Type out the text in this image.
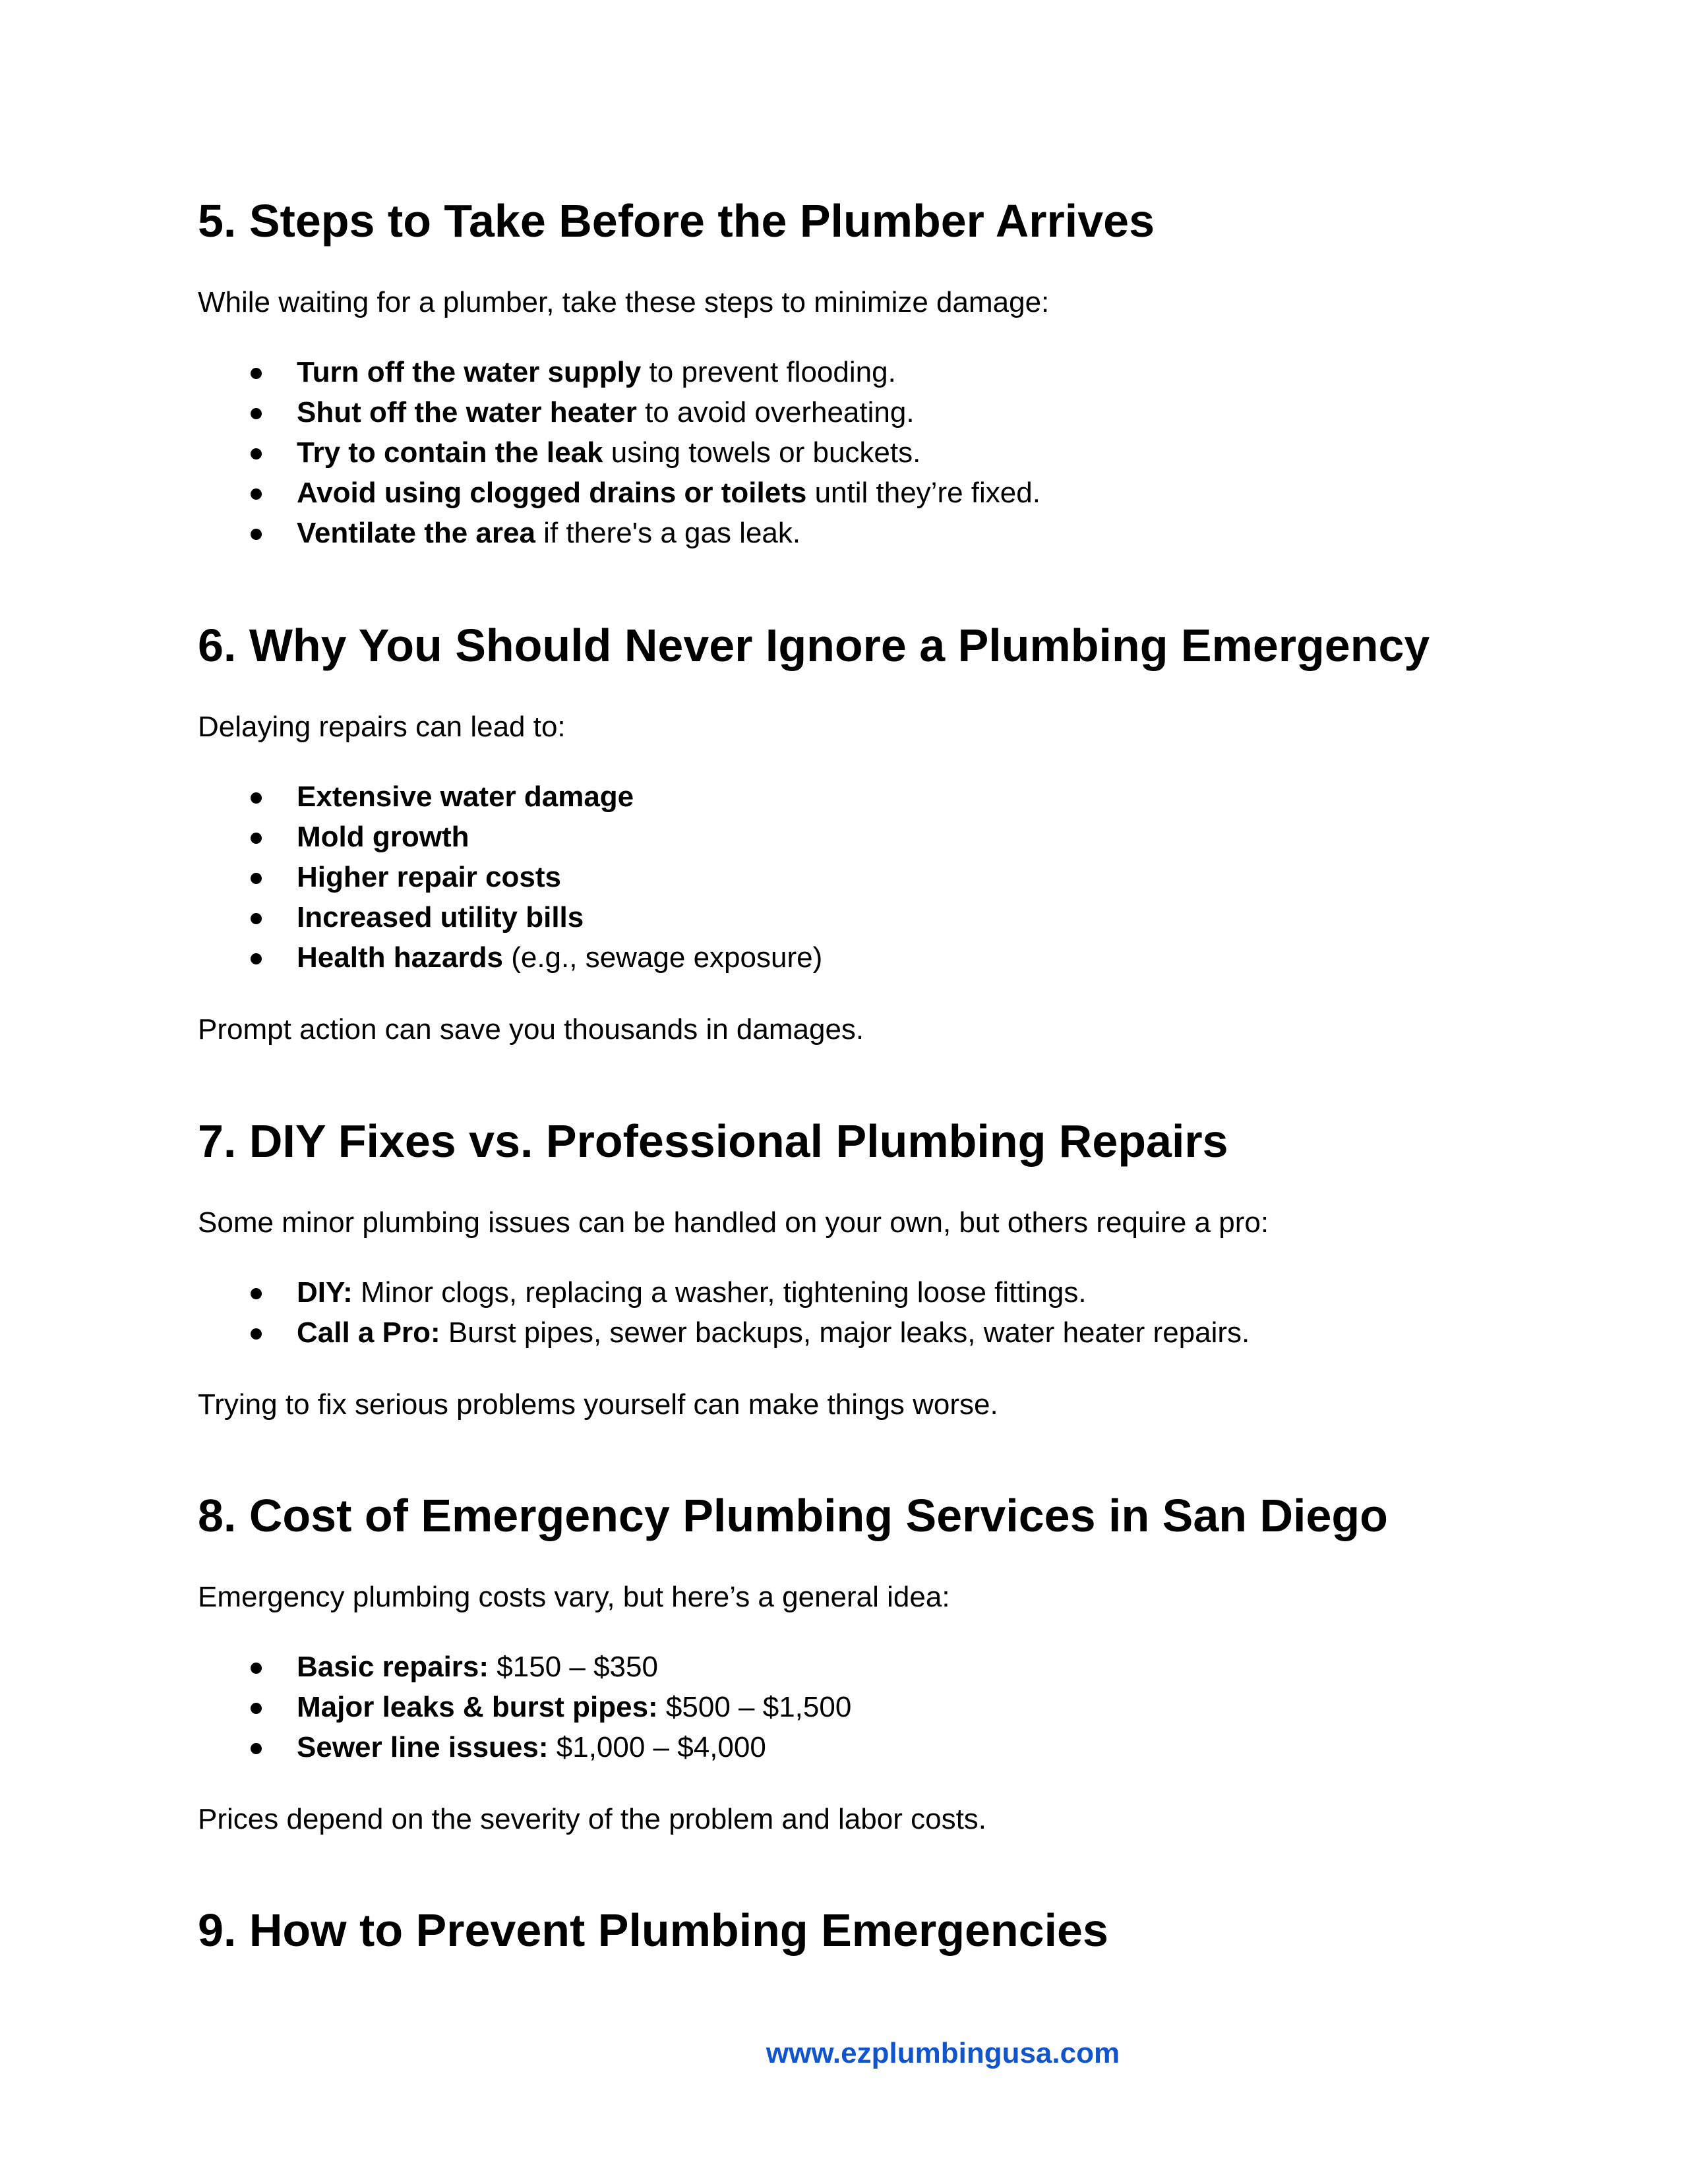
5. Steps to Take Before the Plumber Arrives

While waiting for a plumber, take these steps to minimize damage:

Turn off the water supply to prevent flooding.
Shut off the water heater to avoid overheating.
Try to contain the leak using towels or buckets.
Avoid using clogged drains or toilets until they’re fixed.
Ventilate the area if there's a gas leak.
6. Why You Should Never Ignore a Plumbing Emergency

Delaying repairs can lead to:

Extensive water damage
Mold growth
Higher repair costs
Increased utility bills
Health hazards (e.g., sewage exposure)

Prompt action can save you thousands in damages.

7. DIY Fixes vs. Professional Plumbing Repairs

Some minor plumbing issues can be handled on your own, but others require a pro:

DIY: Minor clogs, replacing a washer, tightening loose fittings.
Call a Pro: Burst pipes, sewer backups, major leaks, water heater repairs.

Trying to fix serious problems yourself can make things worse.

8. Cost of Emergency Plumbing Services in San Diego

Emergency plumbing costs vary, but here’s a general idea:

Basic repairs: $150 – $350
Major leaks & burst pipes: $500 – $1,500
Sewer line issues: $1,000 – $4,000

Prices depend on the severity of the problem and labor costs.

9. How to Prevent Plumbing Emergencies
www.ezplumbingusa.com
